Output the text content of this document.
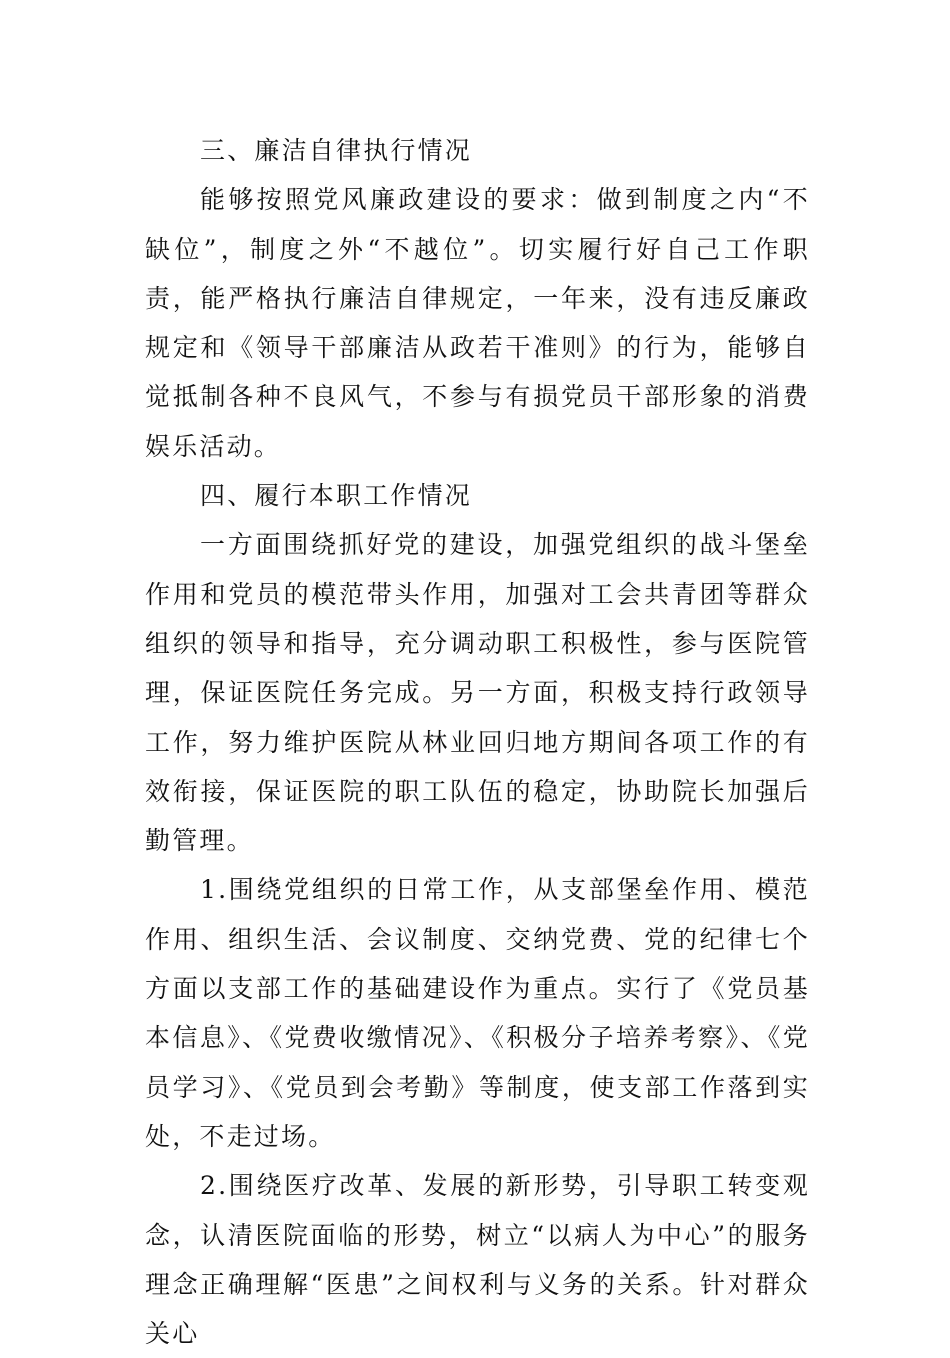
三、廉洁自律执行情况

能够按照党风廉政建设的要求：做到制度之内“不缺位”，制度之外“不越位”。切实履行好自己工作职责，能严格执行廉洁自律规定，一年来，没有违反廉政规定和《领导干部廉洁从政若干准则》的行为，能够自觉抵制各种不良风气，不参与有损党员干部形象的消费娱乐活动。

四、履行本职工作情况

一方面围绕抓好党的建设，加强党组织的战斗堡垒作用和党员的模范带头作用，加强对工会共青团等群众组织的领导和指导，充分调动职工积极性，参与医院管理，保证医院任务完成。另一方面，积极支持行政领导工作，努力维护医院从林业回归地方期间各项工作的有效衔接，保证医院的职工队伍的稳定，协助院长加强后勤管理。

1.围绕党组织的日常工作，从支部堡垒作用、模范作用、组织生活、会议制度、交纳党费、党的纪律七个方面以支部工作的基础建设作为重点。实行了《党员基本信息》、《党费收缴情况》、《积极分子培养考察》、《党员学习》、《党员到会考勤》等制度，使支部工作落到实处，不走过场。

2.围绕医疗改革、发展的新形势，引导职工转变观念，认清医院面临的形势，树立“以病人为中心”的服务理念正确理解“医患”之间权利与义务的关系。针对群众关心
